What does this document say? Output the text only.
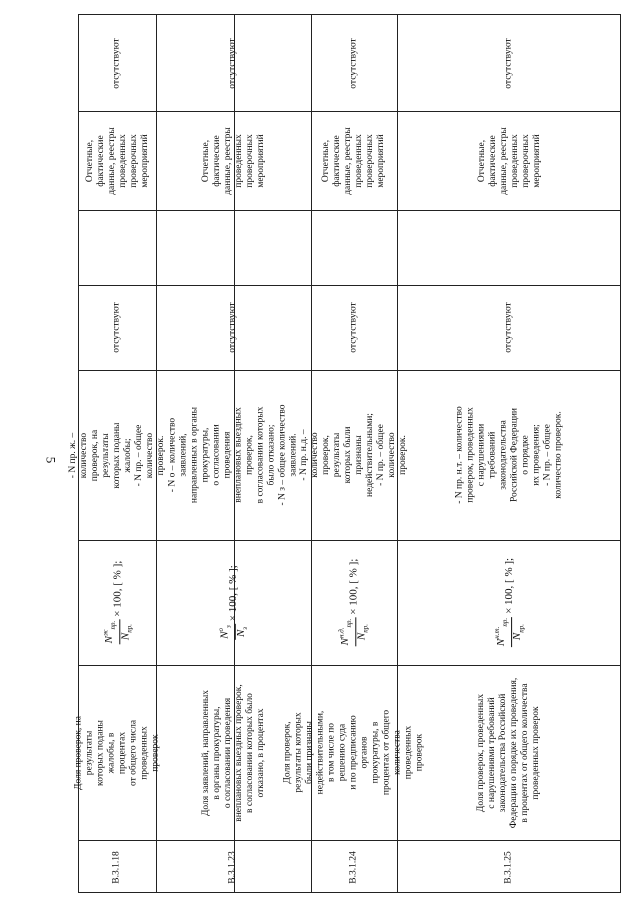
5
отсутствуют
Отчетные,
фактические
данные, реестры
проведенных
проверочных
мероприятий
отсутствуют
- N пр. ж. – количество
проверок, на результаты
которых поданы
жалобы;
- N пр. – общее
количество проверок.
$N^ж_{пр.}$
$N_{пр.}$
× 100, [ % ];
Доля проверок, на результаты
которых поданы жалобы, в процентах
от общего числа проведенных
проверок
В.3.1.18
отсутствуют
Отчетные,
фактические
данные, реестры
проведенных
проверочных
мероприятий
отсутствуют
- N о – количество
заявлений,
направленных в органы
прокуратуры,
о согласовании
проведения
внеплановых выездных
проверок,
в согласовании которых
было отказано;
- N з – общее количество
заявлений.
$N^о_з$
$N_з$
× 100, [ % ];
Доля заявлений, направленных
в органы прокуратуры,
о согласовании проведения
внеплановых выездных проверок,
в согласовании которых было
отказано, в процентах
В.3.1.23
отсутствуют
Отчетные,
фактические
данные, реестры
проведенных
проверочных
мероприятий
отсутствуют
- N пр. н.д. – количество
проверок, результаты
которых были признаны
недействительными;
- N пр. – общее
количество проверок.
$N^{н.д.}_{пр.}$
$N_{пр.}$
× 100, [ % ];
Доля проверок, результаты которых
были признаны недействительными,
в том числе по решению суда
и по предписанию органов
прокуратуры, в процентах от общего
количества проведенных проверок
В.3.1.24
отсутствуют
Отчетные,
фактические
данные, реестры
проведенных
проверочных
мероприятий
отсутствуют
- N пр. н.т. – количество
проверок, проведенных
с нарушениями
требований
законодательства
Российской Федерации
о порядке
их проведения;
- N пр. – общее
количество проверок.
$N^{н.т.}_{пр.}$
$N_{пр.}$
× 100, [ % ];
Доля проверок, проведенных
с нарушениями требований
законодательства Российской
Федерации о порядке их проведения,
в процентах от общего количества
проведенных проверок
В.3.1.25
